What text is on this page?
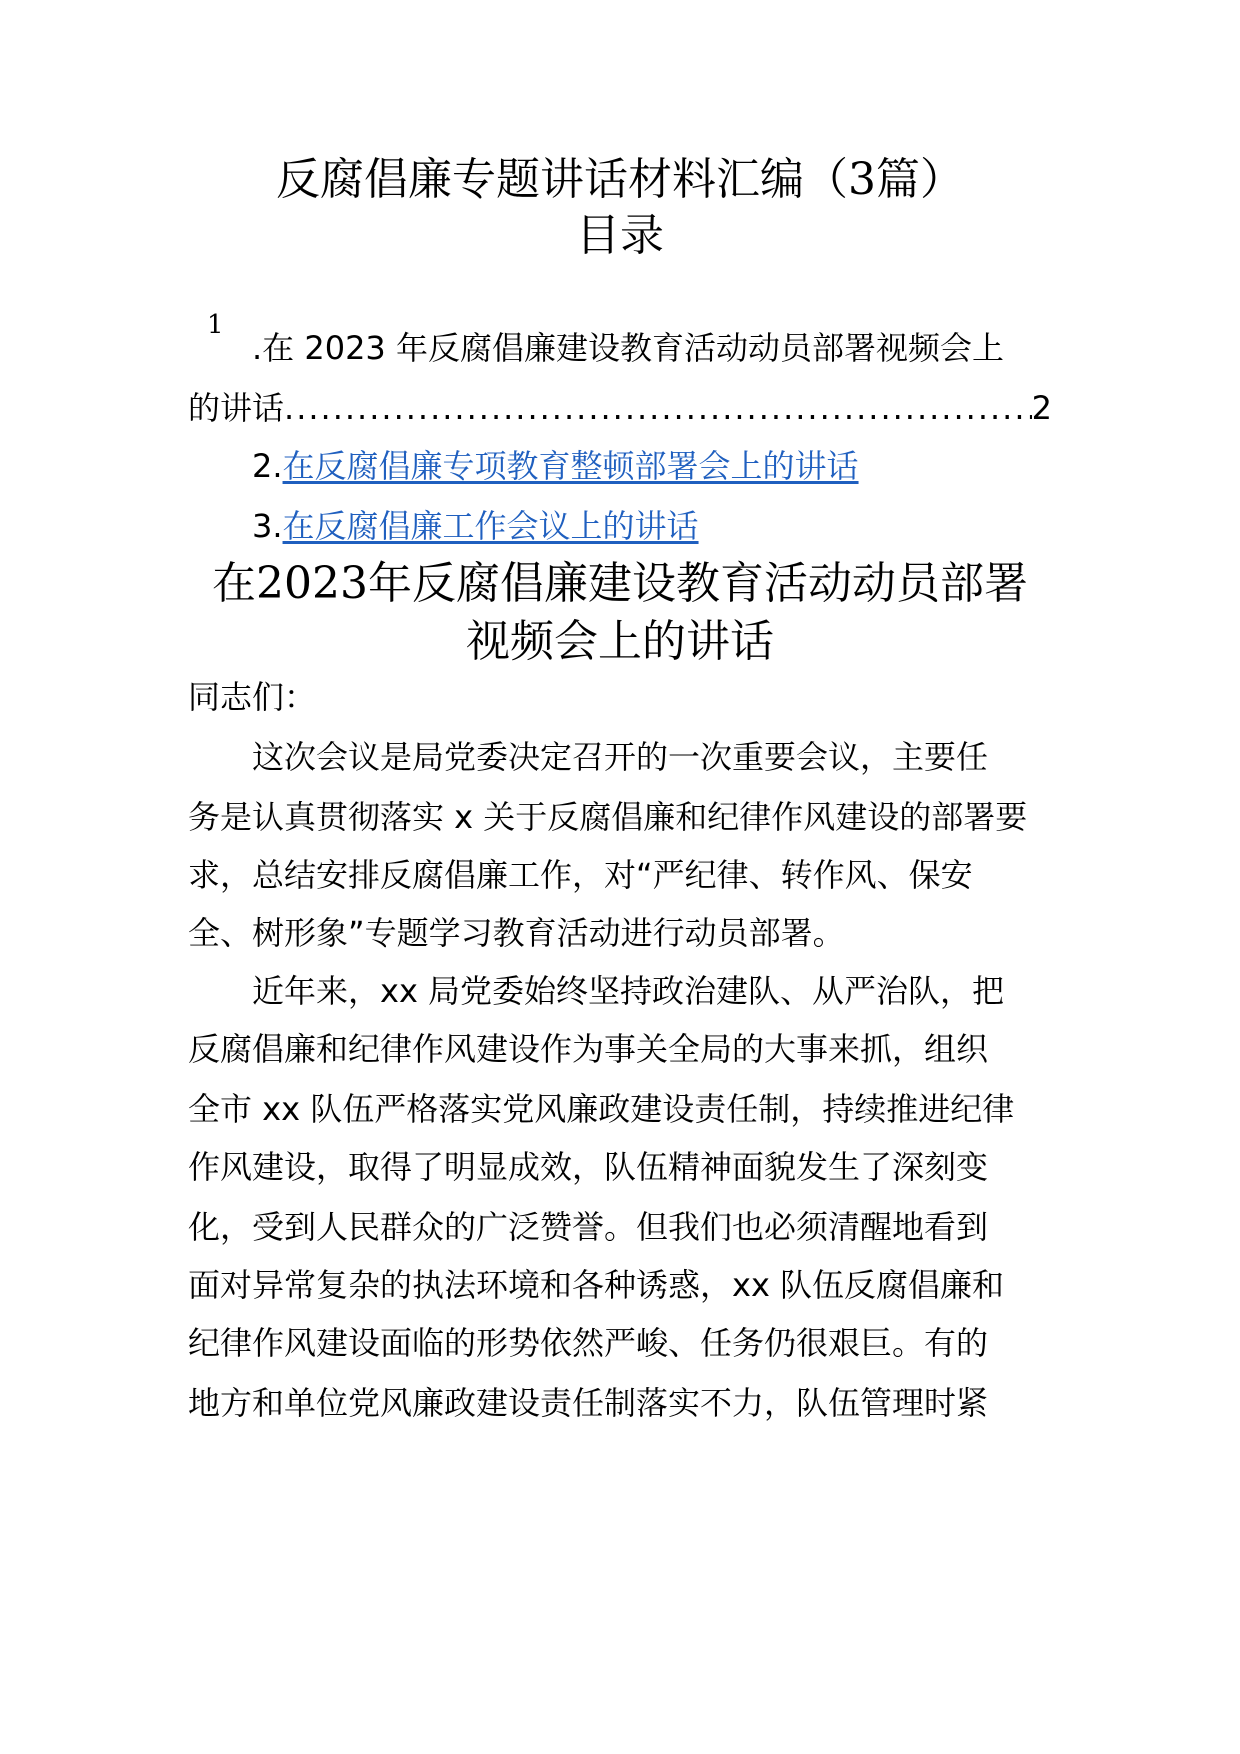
反腐倡廉专题讲话材料汇编（3篇）
目录
1
.在 2023 年反腐倡廉建设教育活动动员部署视频会上
的讲话
.....	2
2.在反腐倡廉专项教育整顿部署会上的讲话
3.在反腐倡廉工作会议上的讲话
在2023年反腐倡廉建设教育活动动员部署
视频会上的讲话
同志们：
这次会议是局党委决定召开的一次重要会议，主要任
务是认真贯彻落实 x 关于反腐倡廉和纪律作风建设的部署要
求，总结安排反腐倡廉工作，对“严纪律、转作风、保安
全、树形象”专题学习教育活动进行动员部署。
近年来，xx 局党委始终坚持政治建队、从严治队，把
反腐倡廉和纪律作风建设作为事关全局的大事来抓，组织
全市 xx 队伍严格落实党风廉政建设责任制，持续推进纪律
作风建设，取得了明显成效，队伍精神面貌发生了深刻变
化，受到人民群众的广泛赞誉。但我们也必须清醒地看到
面对异常复杂的执法环境和各种诱惑，xx 队伍反腐倡廉和
纪律作风建设面临的形势依然严峻、任务仍很艰巨。有的
地方和单位党风廉政建设责任制落实不力，队伍管理时紧
